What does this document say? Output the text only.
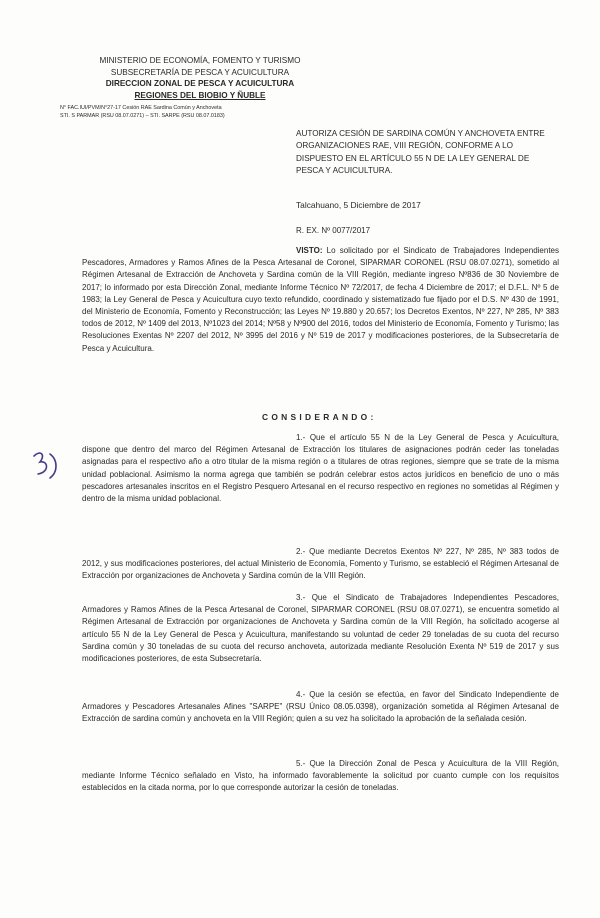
MINISTERIO DE ECONOMÍA, FOMENTO Y TURISMO
SUBSECRETARÍA DE PESCA Y ACUICULTURA
DIRECCION ZONAL DE PESCA Y ACUICULTURA
REGIONES DEL BIOBIO Y ÑUBLE
N° FAC.IUI/PVM/N°27-17 Cesión RAE Sardina Común y Anchoveta
STI. S PARMAR (RSU 08.07.0271) – STI. SARPE (RSU 08.07.0183)
AUTORIZA CESIÓN DE SARDINA COMÚN Y ANCHOVETA ENTRE ORGANIZACIONES RAE, VIII REGIÓN, CONFORME A LO DISPUESTO EN EL ARTÍCULO 55 N DE LA LEY GENERAL DE PESCA Y ACUICULTURA.
Talcahuano, 5 Diciembre de 2017
R. EX. Nº 0077/2017

VISTO: Lo solicitado por el Sindicato de Trabajadores Independientes Pescadores, Armadores y Ramos Afines de la Pesca Artesanal de Coronel, SIPARMAR CORONEL (RSU 08.07.0271), sometido al Régimen Artesanal de Extracción de Anchoveta y Sardina común de la VIII Región, mediante ingreso Nº836 de 30 Noviembre de 2017; lo informado por esta Dirección Zonal, mediante Informe Técnico Nº 72/2017, de fecha 4 Diciembre de 2017; el D.F.L. Nº 5 de 1983; la Ley General de Pesca y Acuicultura cuyo texto refundido, coordinado y sistematizado fue fijado por el D.S. Nº 430 de 1991, del Ministerio de Economía, Fomento y Reconstrucción; las Leyes Nº 19.880 y 20.657; los Decretos Exentos, Nº 227, Nº 285, Nº 383 todos de 2012, Nº 1409 del 2013, Nº1023 del 2014; Nº58 y Nº900 del 2016, todos del Ministerio de Economía, Fomento y Turismo; las Resoluciones Exentas Nº 2207 del 2012, Nº 3995 del 2016 y Nº 519 de 2017 y modificaciones posteriores, de la Subsecretaría de Pesca y Acuicultura.

CONSIDERANDO:

1.- Que el artículo 55 N de la Ley General de Pesca y Acuicultura, dispone que dentro del marco del Régimen Artesanal de Extracción los titulares de asignaciones podrán ceder las toneladas asignadas para el respectivo año a otro titular de la misma región o a titulares de otras regiones, siempre que se trate de la misma unidad poblacional. Asimismo la norma agrega que también se podrán celebrar estos actos jurídicos en beneficio de uno o más pescadores artesanales inscritos en el Registro Pesquero Artesanal en el recurso respectivo en regiones no sometidas al Régimen y dentro de la misma unidad poblacional.

2.- Que mediante Decretos Exentos Nº 227, Nº 285, Nº 383 todos de 2012, y sus modificaciones posteriores, del actual Ministerio de Economía, Fomento y Turismo, se estableció el Régimen Artesanal de Extracción por organizaciones de Anchoveta y Sardina común de la VIII Región.

3.- Que el Sindicato de Trabajadores Independientes Pescadores, Armadores y Ramos Afines de la Pesca Artesanal de Coronel, SIPARMAR CORONEL (RSU 08.07.0271), se encuentra sometido al Régimen Artesanal de Extracción por organizaciones de Anchoveta y Sardina común de la VIII Región, ha solicitado acogerse al artículo 55 N de la Ley General de Pesca y Acuicultura, manifestando su voluntad de ceder 29 toneladas de su cuota del recurso Sardina común y 30 toneladas de su cuota del recurso anchoveta, autorizada mediante Resolución Exenta Nº 519 de 2017 y sus modificaciones posteriores, de esta Subsecretaría.

4.- Que la cesión se efectúa, en favor del Sindicato Independiente de Armadores y Pescadores Artesanales Afines "SARPE" (RSU Único 08.05.0398), organización sometida al Régimen Artesanal de Extracción de sardina común y anchoveta en la VIII Región; quien a su vez ha solicitado la aprobación de la señalada cesión.

5.- Que la Dirección Zonal de Pesca y Acuicultura de la VIII Región, mediante Informe Técnico señalado en Visto, ha informado favorablemente la solicitud por cuanto cumple con los requisitos establecidos en la citada norma, por lo que corresponde autorizar la cesión de toneladas.
